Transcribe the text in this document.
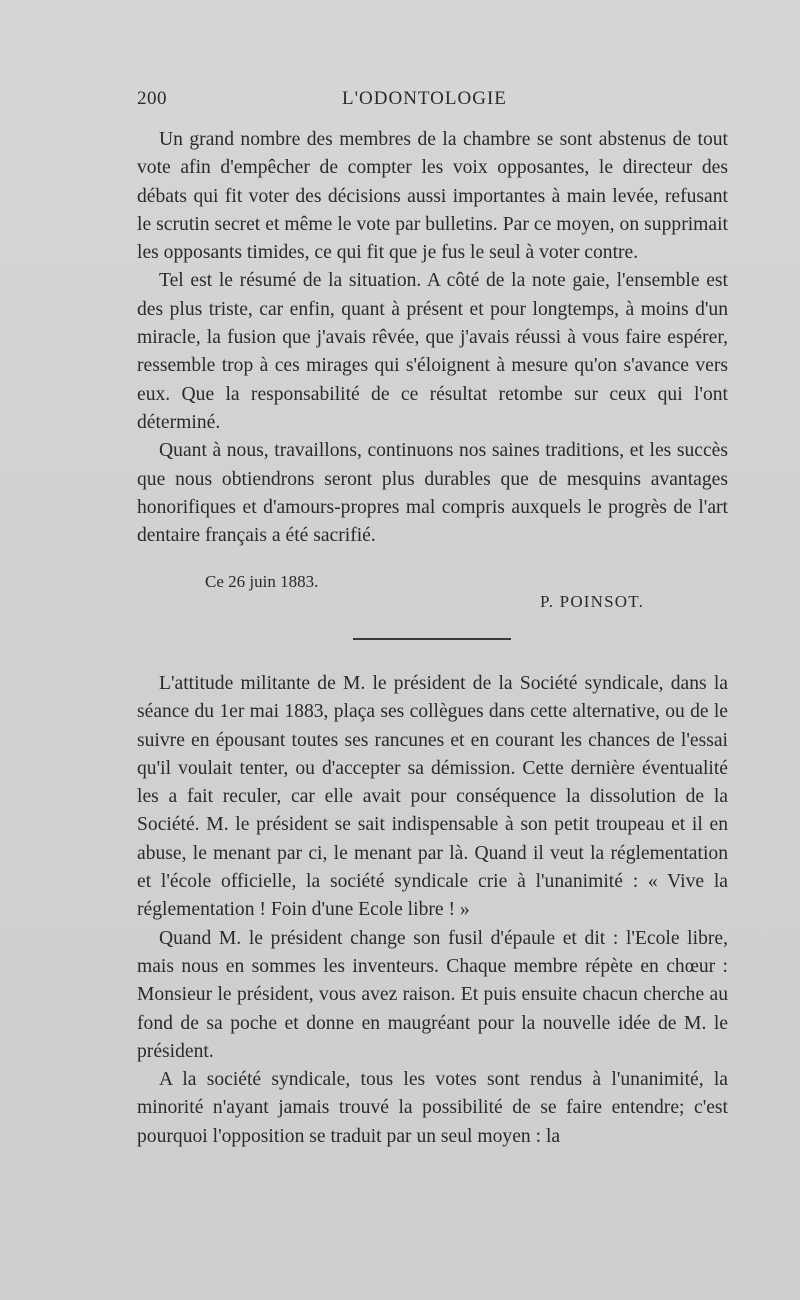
200	L'ODONTOLOGIE

Un grand nombre des membres de la chambre se sont abstenus de tout vote afin d'empêcher de compter les voix opposantes, le directeur des débats qui fit voter des décisions aussi importantes à main levée, refusant le scrutin secret et même le vote par bulletins. Par ce moyen, on supprimait les opposants timides, ce qui fit que je fus le seul à voter contre.

Tel est le résumé de la situation. A côté de la note gaie, l'ensemble est des plus triste, car enfin, quant à présent et pour longtemps, à moins d'un miracle, la fusion que j'avais rêvée, que j'avais réussi à vous faire espérer, ressemble trop à ces mirages qui s'éloignent à mesure qu'on s'avance vers eux. Que la responsabilité de ce résultat retombe sur ceux qui l'ont déterminé.

Quant à nous, travaillons, continuons nos saines traditions, et les succès que nous obtiendrons seront plus durables que de mesquins avantages honorifiques et d'amours-propres mal compris auxquels le progrès de l'art dentaire français a été sacrifié.

Ce 26 juin 1883.
P. POINSOT.

L'attitude militante de M. le président de la Société syndicale, dans la séance du 1er mai 1883, plaça ses collègues dans cette alternative, ou de le suivre en épousant toutes ses rancunes et en courant les chances de l'essai qu'il voulait tenter, ou d'accepter sa démission. Cette dernière éventualité les a fait reculer, car elle avait pour conséquence la dissolution de la Société. M. le président se sait indispensable à son petit troupeau et il en abuse, le menant par ci, le menant par là. Quand il veut la réglementation et l'école officielle, la société syndicale crie à l'unanimité : « Vive la réglementation ! Foin d'une Ecole libre ! »

Quand M. le président change son fusil d'épaule et dit : l'Ecole libre, mais nous en sommes les inventeurs. Chaque membre répète en chœur : Monsieur le président, vous avez raison. Et puis ensuite chacun cherche au fond de sa poche et donne en maugréant pour la nouvelle idée de M. le président.

A la société syndicale, tous les votes sont rendus à l'unanimité, la minorité n'ayant jamais trouvé la possibilité de se faire entendre; c'est pourquoi l'opposition se traduit par un seul moyen : la
